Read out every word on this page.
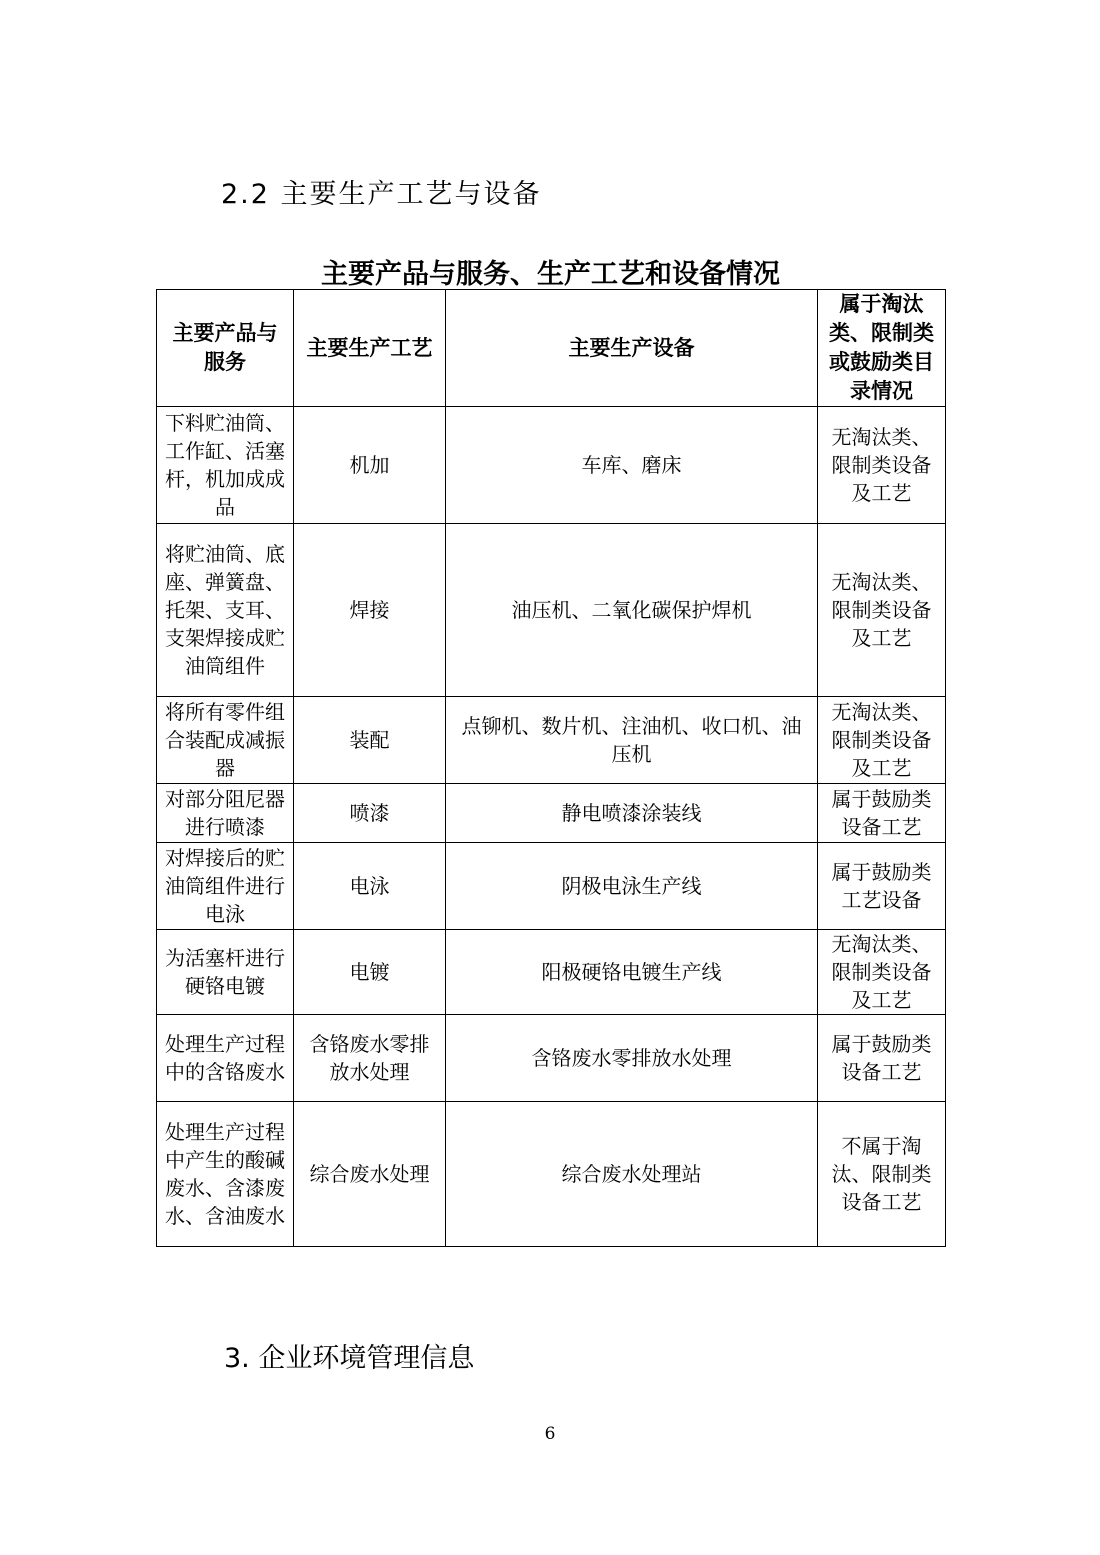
2.2 主要生产工艺与设备
主要产品与服务、生产工艺和设备情况
主要产品与服务	主要生产工艺	主要生产设备	属于淘汰类、限制类或鼓励类目录情况
下料贮油筒、工作缸、活塞杆，机加成成品	机加	车库、磨床	无淘汰类、限制类设备及工艺
将贮油筒、底座、弹簧盘、托架、支耳、支架焊接成贮油筒组件	焊接	油压机、二氧化碳保护焊机	无淘汰类、限制类设备及工艺
将所有零件组合装配成减振器	装配	点铆机、数片机、注油机、收口机、油压机	无淘汰类、限制类设备及工艺
对部分阻尼器进行喷漆	喷漆	静电喷漆涂装线	属于鼓励类设备工艺
对焊接后的贮油筒组件进行电泳	电泳	阴极电泳生产线	属于鼓励类工艺设备
为活塞杆进行硬铬电镀	电镀	阳极硬铬电镀生产线	无淘汰类、限制类设备及工艺
处理生产过程中的含铬废水	含铬废水零排放水处理	含铬废水零排放水处理	属于鼓励类设备工艺
处理生产过程中产生的酸碱废水、含漆废水、含油废水	综合废水处理	综合废水处理站	不属于淘汰、限制类设备工艺
3. 企业环境管理信息
6
